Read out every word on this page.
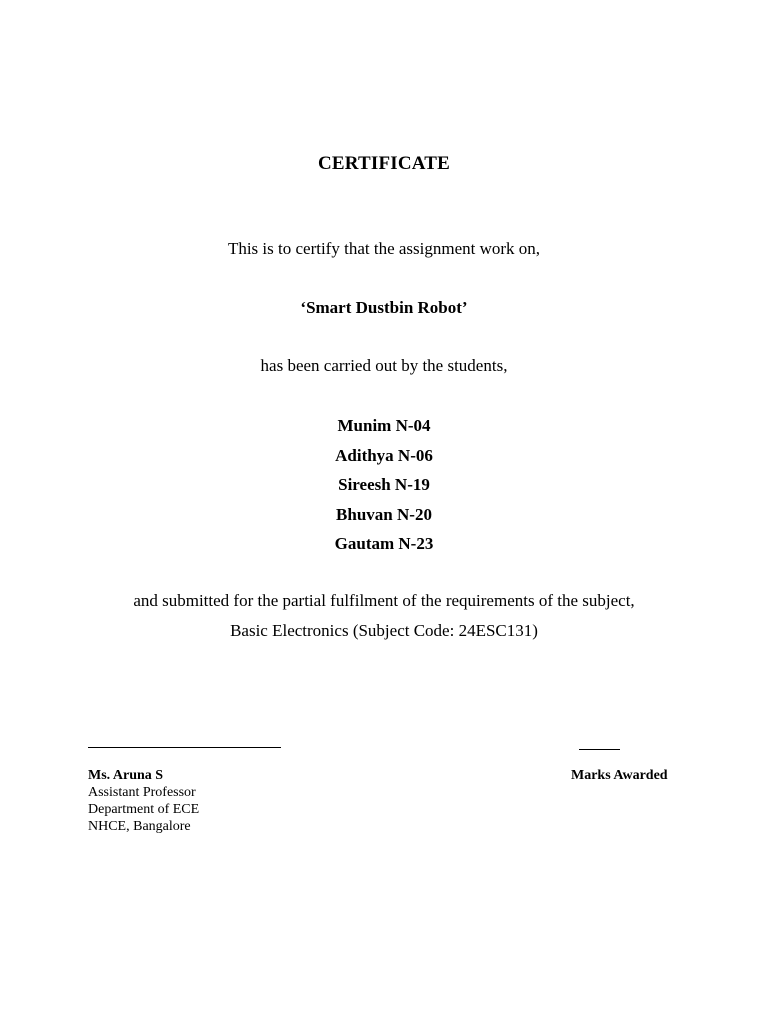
CERTIFICATE
This is to certify that the assignment work on,
‘Smart Dustbin Robot’
has been carried out by the students,
Munim N-04
Adithya N-06
Sireesh N-19
Bhuvan N-20
Gautam N-23
and submitted for the partial fulfilment of the requirements of the subject,
Basic Electronics (Subject Code: 24ESC131)
Ms. Aruna S
Assistant Professor
Department of ECE
NHCE, Bangalore
Marks Awarded
